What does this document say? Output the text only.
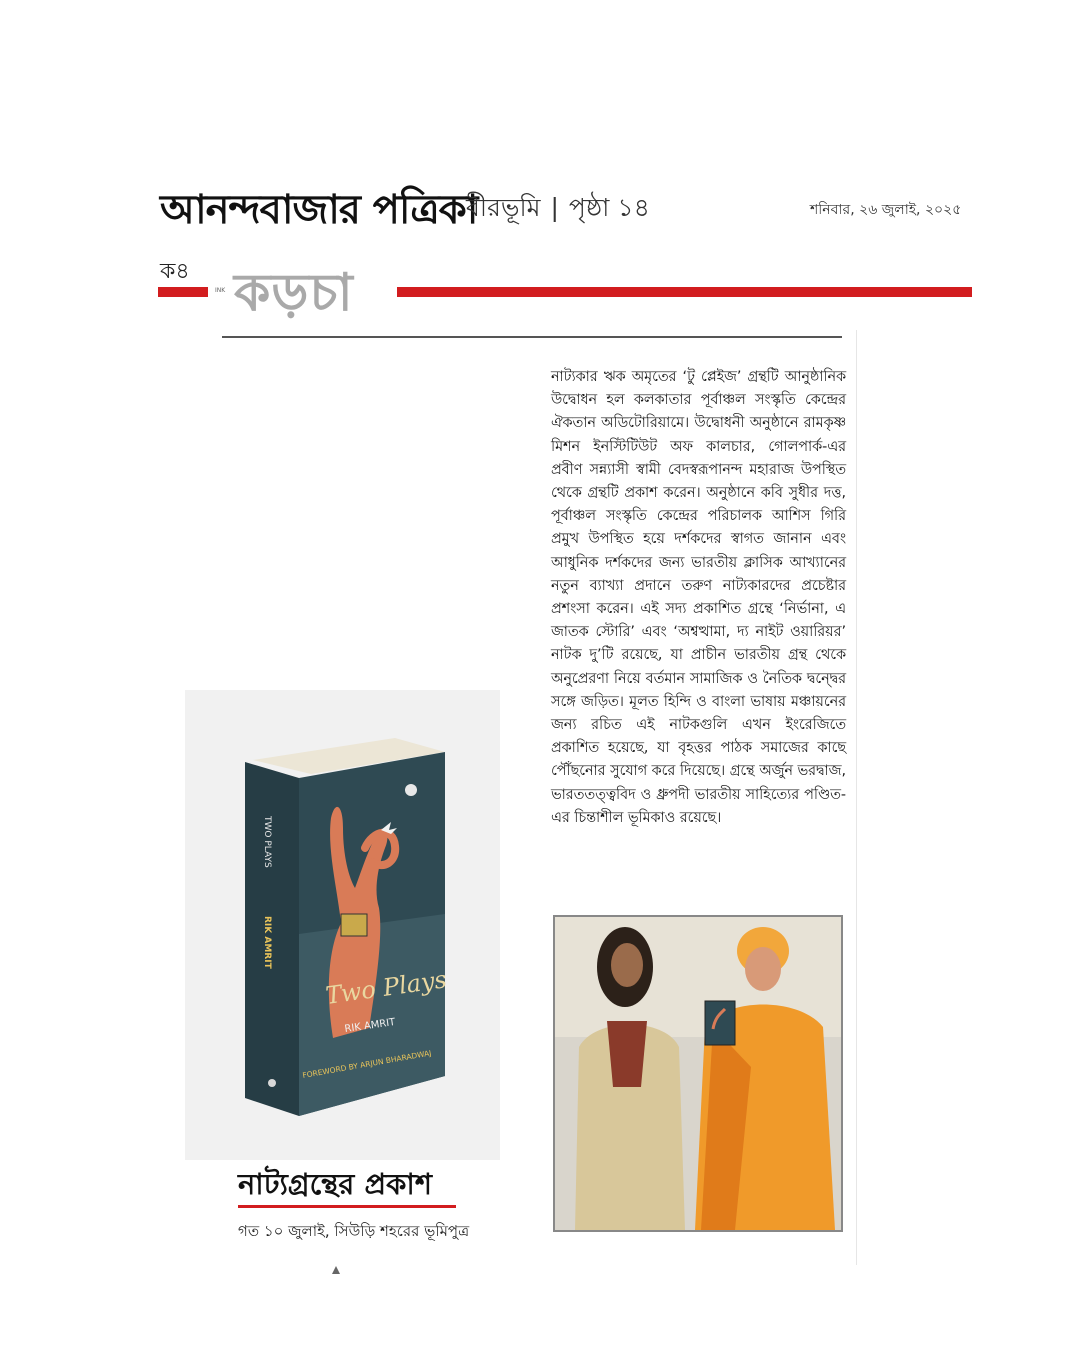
আনন্দবাজার পত্রিকা
বীরভূমি | পৃষ্ঠা ১৪	শনিবার, ২৬ জুলাই, ২০২৫
ক৪
INK কড়চা

নাট্যকার ঋক অমৃতের ‘টু প্লেইজ’ গ্রন্থটি আনুষ্ঠানিক উদ্বোধন হল কলকাতার পূর্বাঞ্চল সংস্কৃতি কেন্দ্রের ঐকতান অডিটোরিয়ামে। উদ্বোধনী অনুষ্ঠানে রামকৃষ্ণ মিশন ইনস্টিটিউট অফ কালচার, গোলপার্ক-এর প্রবীণ সন্ন্যাসী স্বামী বেদস্বরূপানন্দ মহারাজ উপস্থিত থেকে গ্রন্থটি প্রকাশ করেন। অনুষ্ঠানে কবি সুধীর দত্ত, পূর্বাঞ্চল সংস্কৃতি কেন্দ্রের পরিচালক আশিস গিরি প্রমুখ উপস্থিত হয়ে দর্শকদের স্বাগত জানান এবং আধুনিক দর্শকদের জন্য ভারতীয় ক্লাসিক আখ্যানের নতুন ব্যাখ্যা প্রদানে তরুণ নাট্যকারদের প্রচেষ্টার প্রশংসা করেন। এই সদ্য প্রকাশিত গ্রন্থে ‘নির্ভানা, এ জাতক স্টোরি’ এবং ‘অশ্বত্থামা, দ্য নাইট ওয়ারিয়র’ নাটক দু’টি রয়েছে, যা প্রাচীন ভারতীয় গ্রন্থ থেকে অনুপ্রেরণা নিয়ে বর্তমান সামাজিক ও নৈতিক দ্বন্দ্বের সঙ্গে জড়িত। মূলত হিন্দি ও বাংলা ভাষায় মঞ্চায়নের জন্য রচিত এই নাটকগুলি এখন ইংরেজিতে প্রকাশিত হয়েছে, যা বৃহত্তর পাঠক সমাজের কাছে পৌঁছনোর সুযোগ করে দিয়েছে। গ্রন্থে অর্জুন ভরদ্বাজ, ভারততত্ত্ববিদ ও ধ্রুপদী ভারতীয় সাহিত্যের পণ্ডিত-এর চিন্তাশীল ভূমিকাও রয়েছে।

TWO PLAYS
RIK AMRIT
Two Plays
RIK AMRIT
FOREWORD BY ARJUN BHARADWAJ
নাট্যগ্রন্থের প্রকাশ
গত ১০ জুলাই, সিউড়ি শহরের ভূমিপুত্র
